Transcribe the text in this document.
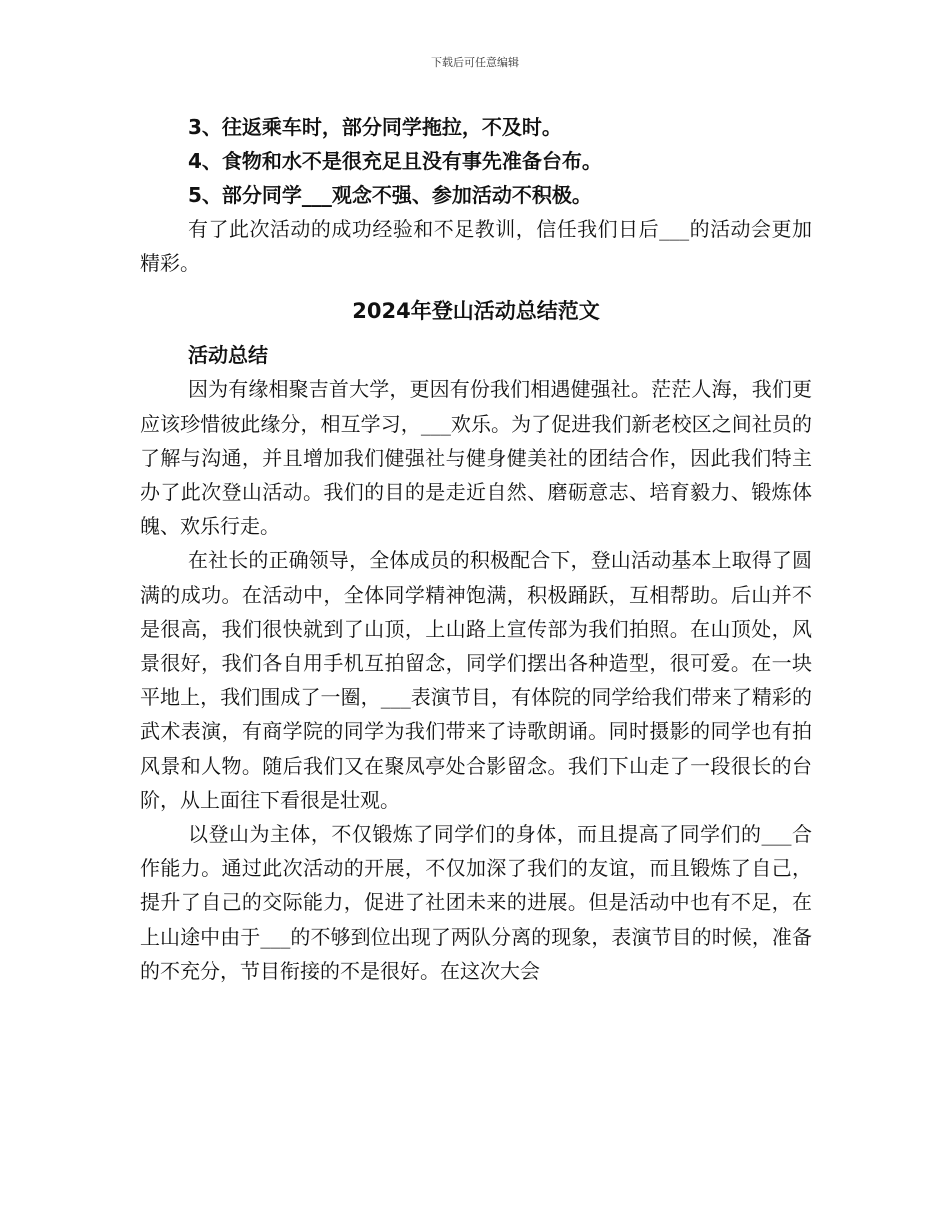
下载后可任意编辑

3、往返乘车时，部分同学拖拉，不及时。

4、食物和水不是很充足且没有事先准备台布。

5、部分同学___观念不强、参加活动不积极。

有了此次活动的成功经验和不足教训，信任我们日后___的活动会更加精彩。

2024年登山活动总结范文

活动总结

因为有缘相聚吉首大学，更因有份我们相遇健强社。茫茫人海，我们更应该珍惜彼此缘分，相互学习，___欢乐。为了促进我们新老校区之间社员的了解与沟通，并且增加我们健强社与健身健美社的团结合作，因此我们特主办了此次登山活动。我们的目的是走近自然、磨砺意志、培育毅力、锻炼体魄、欢乐行走。

在社长的正确领导，全体成员的积极配合下，登山活动基本上取得了圆满的成功。在活动中，全体同学精神饱满，积极踊跃，互相帮助。后山并不是很高，我们很快就到了山顶，上山路上宣传部为我们拍照。在山顶处，风景很好，我们各自用手机互拍留念，同学们摆出各种造型，很可爱。在一块平地上，我们围成了一圈，___表演节目，有体院的同学给我们带来了精彩的武术表演，有商学院的同学为我们带来了诗歌朗诵。同时摄影的同学也有拍风景和人物。随后我们又在聚凤亭处合影留念。我们下山走了一段很长的台阶，从上面往下看很是壮观。

以登山为主体，不仅锻炼了同学们的身体，而且提高了同学们的___合作能力。通过此次活动的开展，不仅加深了我们的友谊，而且锻炼了自己，提升了自己的交际能力，促进了社团未来的进展。但是活动中也有不足，在上山途中由于___的不够到位出现了两队分离的现象，表演节目的时候，准备的不充分，节目衔接的不是很好。在这次大会
